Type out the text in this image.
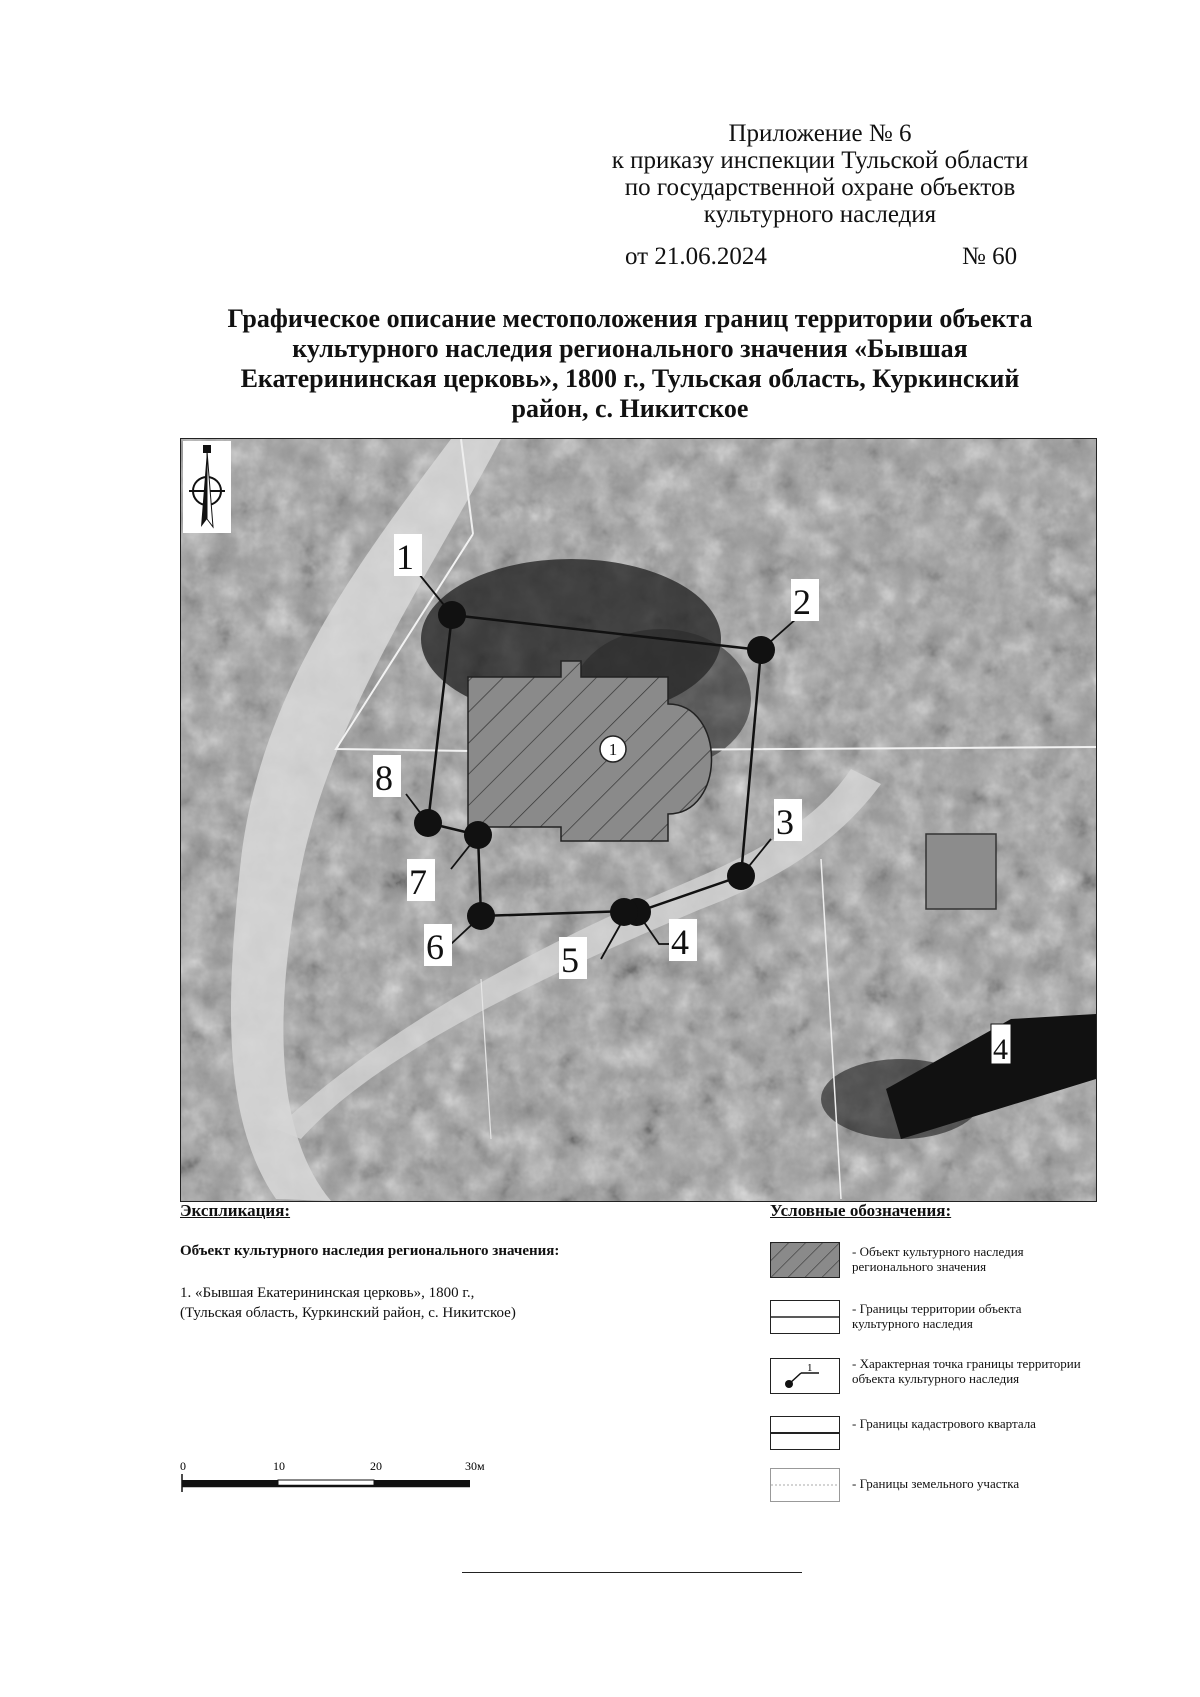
Приложение № 6
к приказу инспекции Тульской области
по государственной охране объектов
культурного наследия
от 21.06.2024	№ 60
Графическое описание местоположения границ территории объекта
культурного наследия регионального значения «Бывшая
Екатерининская церковь», 1800 г., Тульская область, Куркинский
район, с. Никитское
4
1
1
2
3
4
5
6
7
8
Экспликация:
Объект культурного наследия регионального значения:
1. «Бывшая Екатерининская церковь», 1800 г.,
(Тульская область, Куркинский район, с. Никитское)
Условные обозначения:
- Объект культурного наследия регионального значения
- Границы территории объекта культурного наследия
1	- Характерная точка границы территории объекта культурного наследия
- Границы кадастрового квартала
- Границы земельного участка
0	10	20	30м
